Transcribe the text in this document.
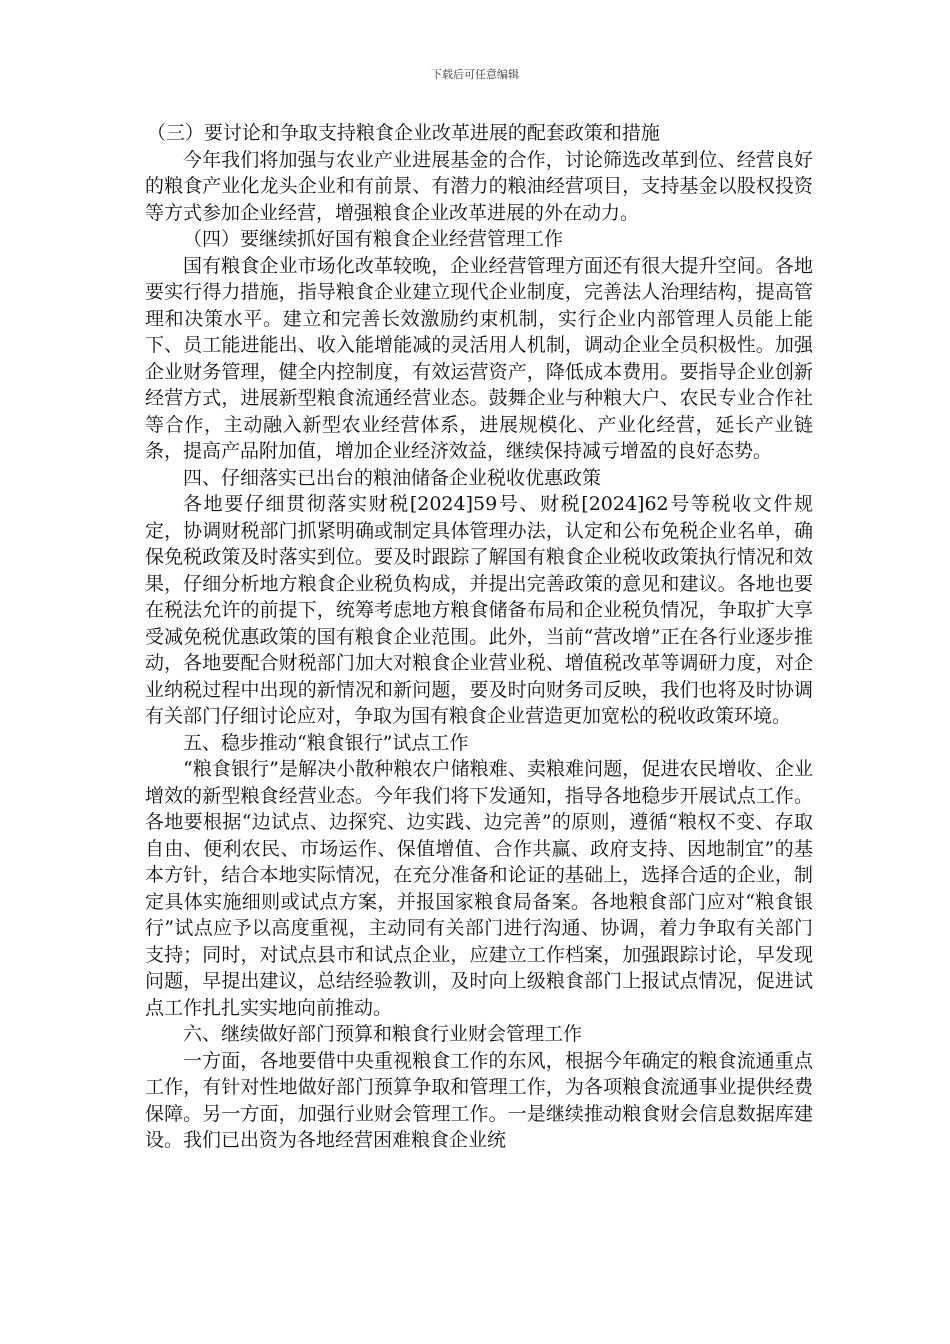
下载后可任意编辑

（三）要讨论和争取支持粮食企业改革进展的配套政策和措施

今年我们将加强与农业产业进展基金的合作，讨论筛选改革到位、经营良好的粮食产业化龙头企业和有前景、有潜力的粮油经营项目，支持基金以股权投资等方式参加企业经营，增强粮食企业改革进展的外在动力。

（四）要继续抓好国有粮食企业经营管理工作

国有粮食企业市场化改革较晚，企业经营管理方面还有很大提升空间。各地要实行得力措施，指导粮食企业建立现代企业制度，完善法人治理结构，提高管理和决策水平。建立和完善长效激励约束机制，实行企业内部管理人员能上能下、员工能进能出、收入能增能减的灵活用人机制，调动企业全员积极性。加强企业财务管理，健全内控制度，有效运营资产，降低成本费用。要指导企业创新经营方式，进展新型粮食流通经营业态。鼓舞企业与种粮大户、农民专业合作社等合作，主动融入新型农业经营体系，进展规模化、产业化经营，延长产业链条，提高产品附加值，增加企业经济效益，继续保持减亏增盈的良好态势。

四、仔细落实已出台的粮油储备企业税收优惠政策

各地要仔细贯彻落实财税[2024]59号、财税[2024]62号等税收文件规定，协调财税部门抓紧明确或制定具体管理办法，认定和公布免税企业名单，确保免税政策及时落实到位。要及时跟踪了解国有粮食企业税收政策执行情况和效果，仔细分析地方粮食企业税负构成，并提出完善政策的意见和建议。各地也要在税法允许的前提下，统筹考虑地方粮食储备布局和企业税负情况，争取扩大享受减免税优惠政策的国有粮食企业范围。此外，当前“营改增”正在各行业逐步推动，各地要配合财税部门加大对粮食企业营业税、增值税改革等调研力度，对企业纳税过程中出现的新情况和新问题，要及时向财务司反映，我们也将及时协调有关部门仔细讨论应对，争取为国有粮食企业营造更加宽松的税收政策环境。

五、稳步推动“粮食银行”试点工作

“粮食银行”是解决小散种粮农户储粮难、卖粮难问题，促进农民增收、企业增效的新型粮食经营业态。今年我们将下发通知，指导各地稳步开展试点工作。各地要根据“边试点、边探究、边实践、边完善”的原则，遵循“粮权不变、存取自由、便利农民、市场运作、保值增值、合作共赢、政府支持、因地制宜”的基本方针，结合本地实际情况，在充分准备和论证的基础上，选择合适的企业，制定具体实施细则或试点方案，并报国家粮食局备案。各地粮食部门应对“粮食银行”试点应予以高度重视，主动同有关部门进行沟通、协调，着力争取有关部门支持；同时，对试点县市和试点企业，应建立工作档案，加强跟踪讨论，早发现问题，早提出建议，总结经验教训，及时向上级粮食部门上报试点情况，促进试点工作扎扎实实地向前推动。

六、继续做好部门预算和粮食行业财会管理工作

一方面，各地要借中央重视粮食工作的东风，根据今年确定的粮食流通重点工作，有针对性地做好部门预算争取和管理工作，为各项粮食流通事业提供经费保障。另一方面，加强行业财会管理工作。一是继续推动粮食财会信息数据库建设。我们已出资为各地经营困难粮食企业统
